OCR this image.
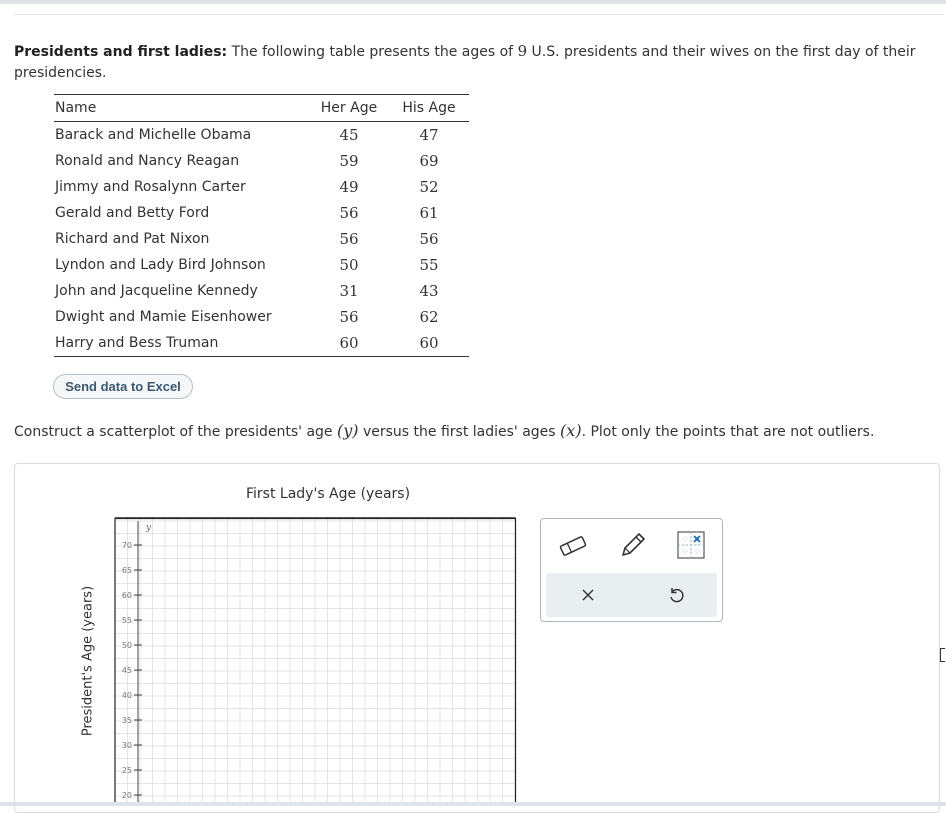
Presidents and first ladies: The following table presents the ages of 9 U.S. presidents and their wives on the first day of their presidencies.
Name	Her Age	His Age
Barack and Michelle Obama	45	47
Ronald and Nancy Reagan	59	69
Jimmy and Rosalynn Carter	49	52
Gerald and Betty Ford	56	61
Richard and Pat Nixon	56	56
Lyndon and Lady Bird Johnson	50	55
John and Jacqueline Kennedy	31	43
Dwight and Mamie Eisenhower	56	62
Harry and Bess Truman	60	60
Send data to Excel
Construct a scatterplot of the presidents' age (y) versus the first ladies' ages (x). Plot only the points that are not outliers.
First Lady's Age (years)
President's Age (years)
y
70
65
60
55
50
45
40
35
30
25
20
